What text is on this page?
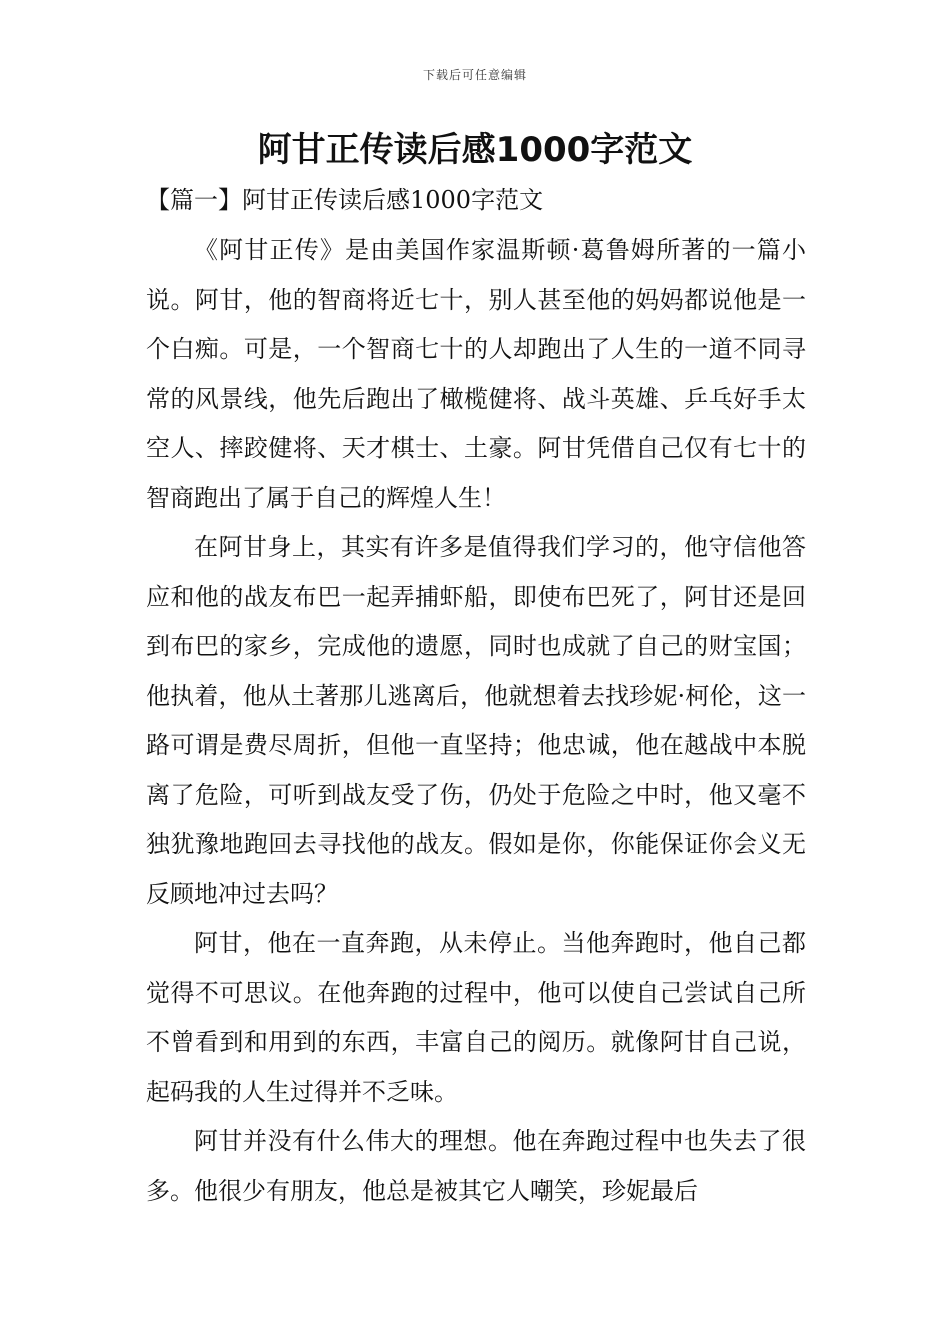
下载后可任意编辑
阿甘正传读后感1000字范文
【篇一】阿甘正传读后感1000字范文

《阿甘正传》是由美国作家温斯顿·葛鲁姆所著的一篇小说。阿甘，他的智商将近七十，别人甚至他的妈妈都说他是一个白痴。可是，一个智商七十的人却跑出了人生的一道不同寻常的风景线，他先后跑出了橄榄健将、战斗英雄、乒乓好手太空人、摔跤健将、天才棋士、土豪。阿甘凭借自己仅有七十的智商跑出了属于自己的辉煌人生！

在阿甘身上，其实有许多是值得我们学习的，他守信他答应和他的战友布巴一起弄捕虾船，即使布巴死了，阿甘还是回到布巴的家乡，完成他的遗愿，同时也成就了自己的财宝国；他执着，他从土著那儿逃离后，他就想着去找珍妮·柯伦，这一路可谓是费尽周折，但他一直坚持；他忠诚，他在越战中本脱离了危险，可听到战友受了伤，仍处于危险之中时，他又毫不独犹豫地跑回去寻找他的战友。假如是你，你能保证你会义无反顾地冲过去吗？

阿甘，他在一直奔跑，从未停止。当他奔跑时，他自己都觉得不可思议。在他奔跑的过程中，他可以使自己尝试自己所不曾看到和用到的东西，丰富自己的阅历。就像阿甘自己说，起码我的人生过得并不乏味。

阿甘并没有什么伟大的理想。他在奔跑过程中也失去了很多。他很少有朋友，他总是被其它人嘲笑，珍妮最后
